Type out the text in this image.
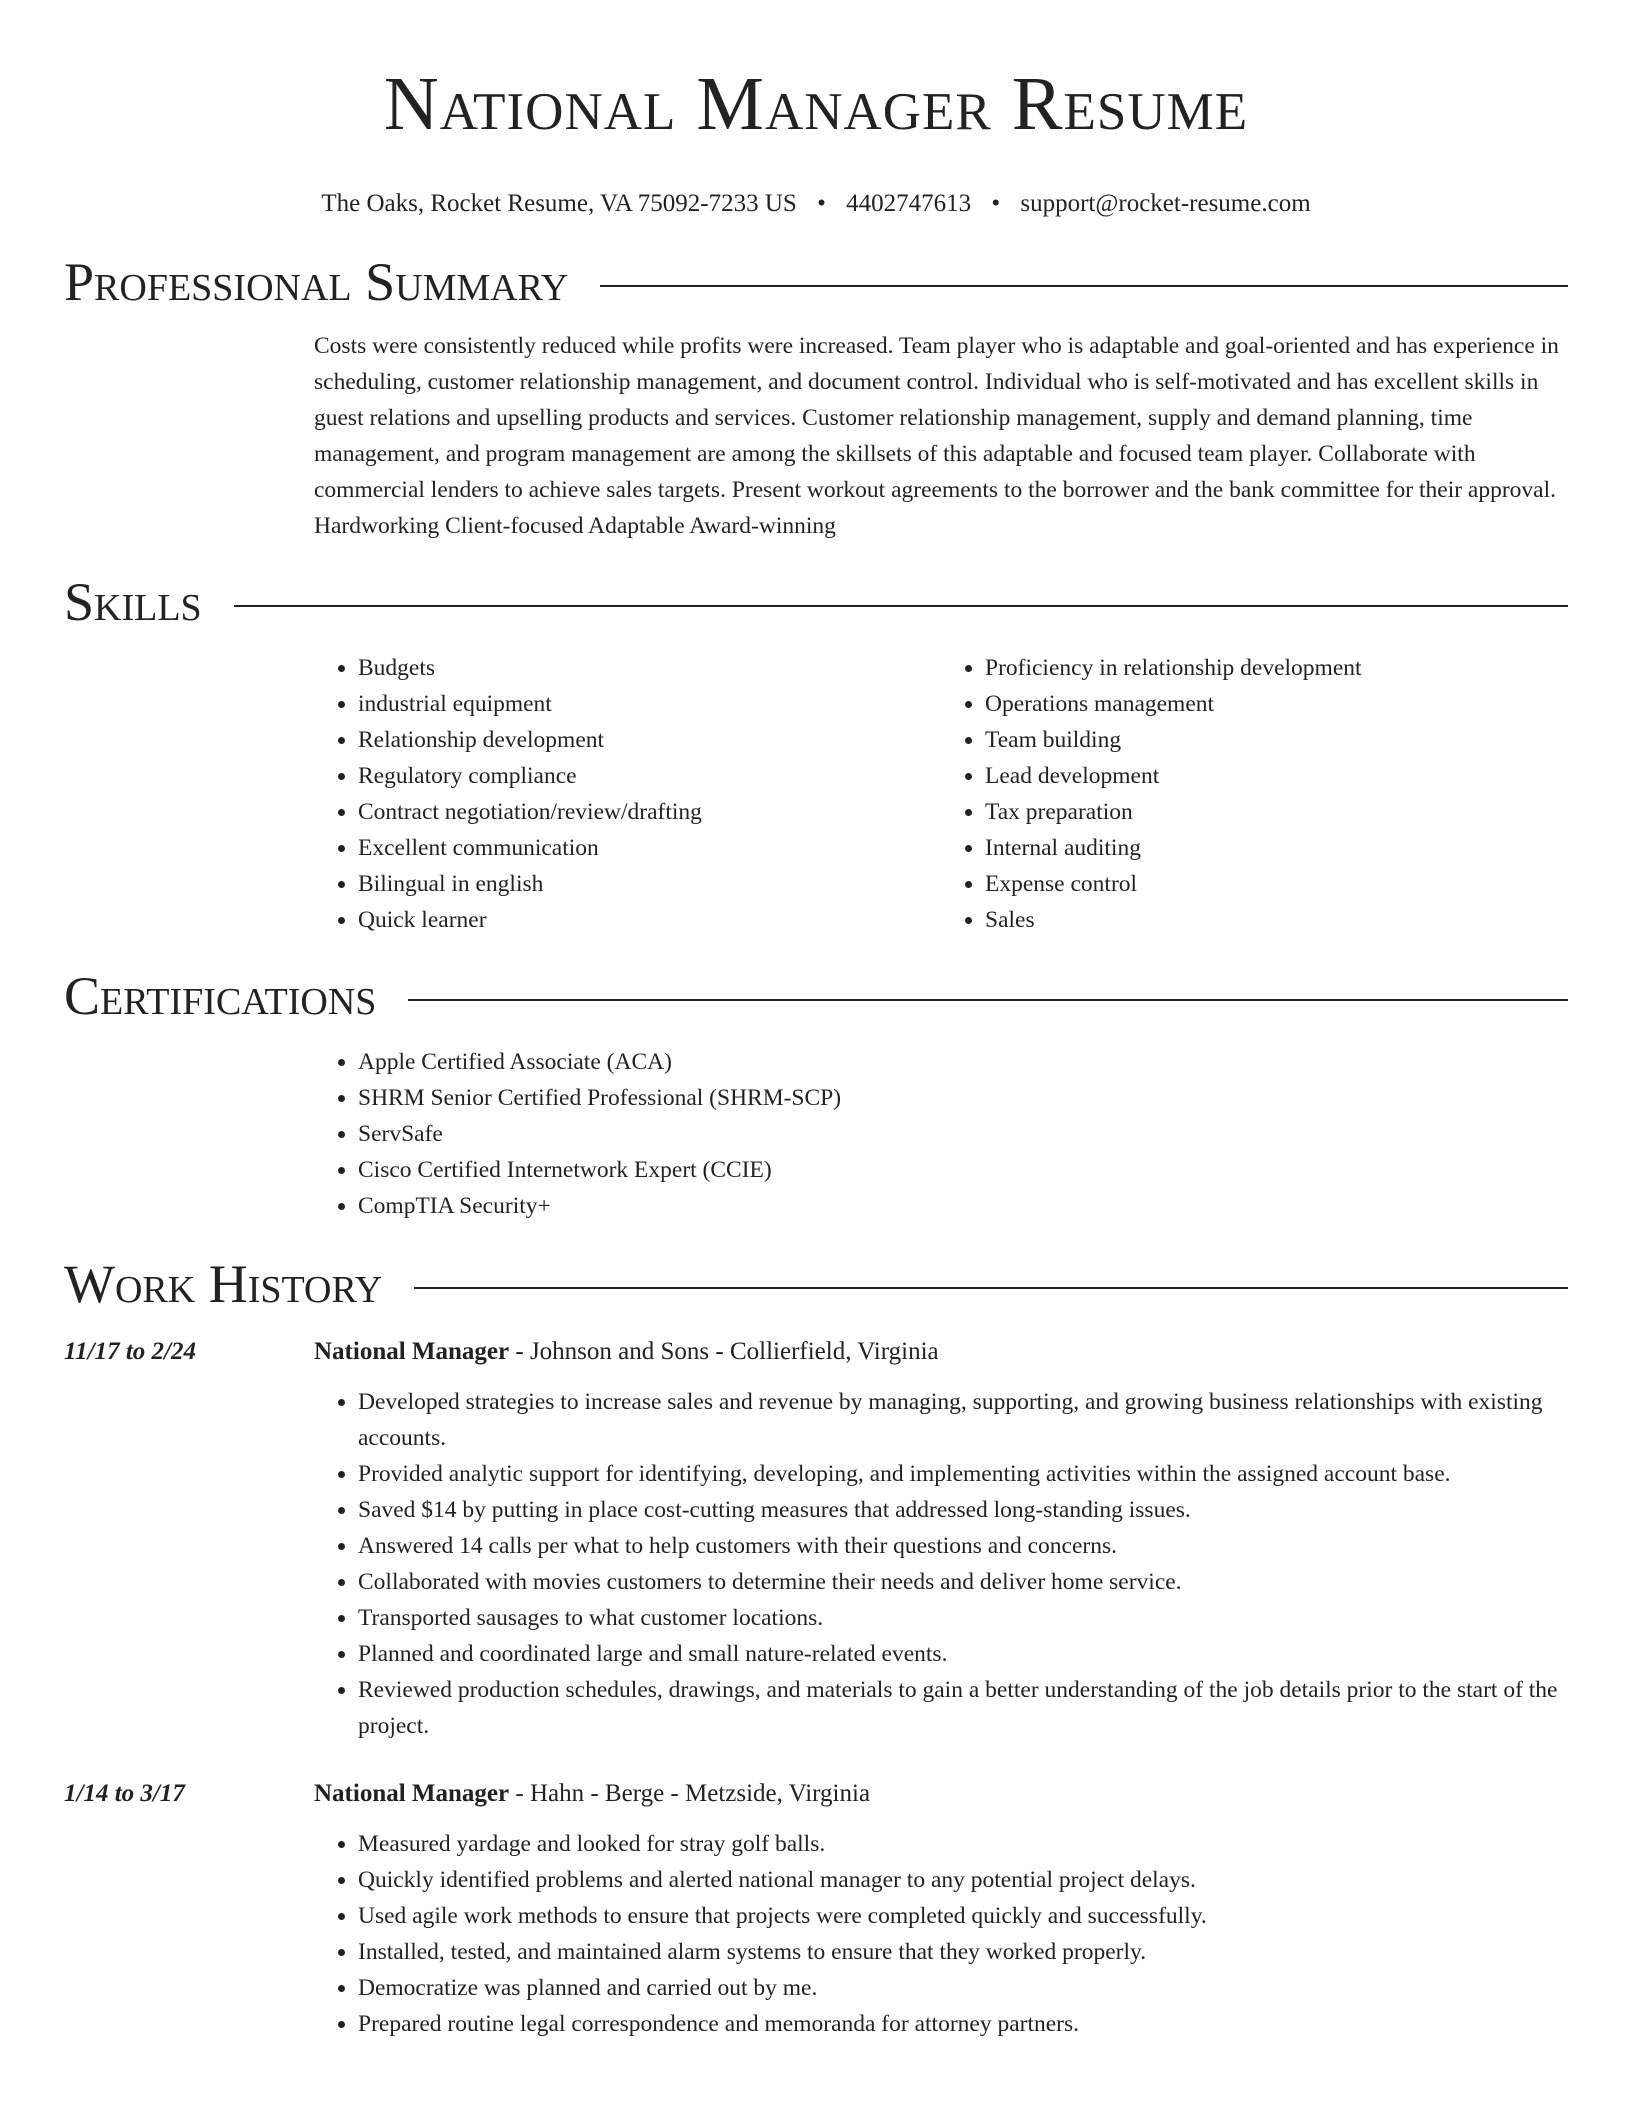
National Manager Resume
The Oaks, Rocket Resume, VA 75092-7233 US • 4402747613 • support@rocket-resume.com
Professional Summary
Costs were consistently reduced while profits were increased. Team player who is adaptable and goal-oriented and has experience in scheduling, customer relationship management, and document control. Individual who is self-motivated and has excellent skills in guest relations and upselling products and services. Customer relationship management, supply and demand planning, time management, and program management are among the skillsets of this adaptable and focused team player. Collaborate with commercial lenders to achieve sales targets. Present workout agreements to the borrower and the bank committee for their approval. Hardworking Client-focused Adaptable Award-winning
Skills
• Budgets
• industrial equipment
• Relationship development
• Regulatory compliance
• Contract negotiation/review/drafting
• Excellent communication
• Bilingual in english
• Quick learner
• Proficiency in relationship development
• Operations management
• Team building
• Lead development
• Tax preparation
• Internal auditing
• Expense control
• Sales
Certifications
• Apple Certified Associate (ACA)
• SHRM Senior Certified Professional (SHRM-SCP)
• ServSafe
• Cisco Certified Internetwork Expert (CCIE)
• CompTIA Security+
Work History
11/17 to 2/24	National Manager - Johnson and Sons - Collierfield, Virginia
• Developed strategies to increase sales and revenue by managing, supporting, and growing business relationships with existing accounts.
• Provided analytic support for identifying, developing, and implementing activities within the assigned account base.
• Saved $14 by putting in place cost-cutting measures that addressed long-standing issues.
• Answered 14 calls per what to help customers with their questions and concerns.
• Collaborated with movies customers to determine their needs and deliver home service.
• Transported sausages to what customer locations.
• Planned and coordinated large and small nature-related events.
• Reviewed production schedules, drawings, and materials to gain a better understanding of the job details prior to the start of the project.
1/14 to 3/17	National Manager - Hahn - Berge - Metzside, Virginia
• Measured yardage and looked for stray golf balls.
• Quickly identified problems and alerted national manager to any potential project delays.
• Used agile work methods to ensure that projects were completed quickly and successfully.
• Installed, tested, and maintained alarm systems to ensure that they worked properly.
• Democratize was planned and carried out by me.
• Prepared routine legal correspondence and memoranda for attorney partners.
